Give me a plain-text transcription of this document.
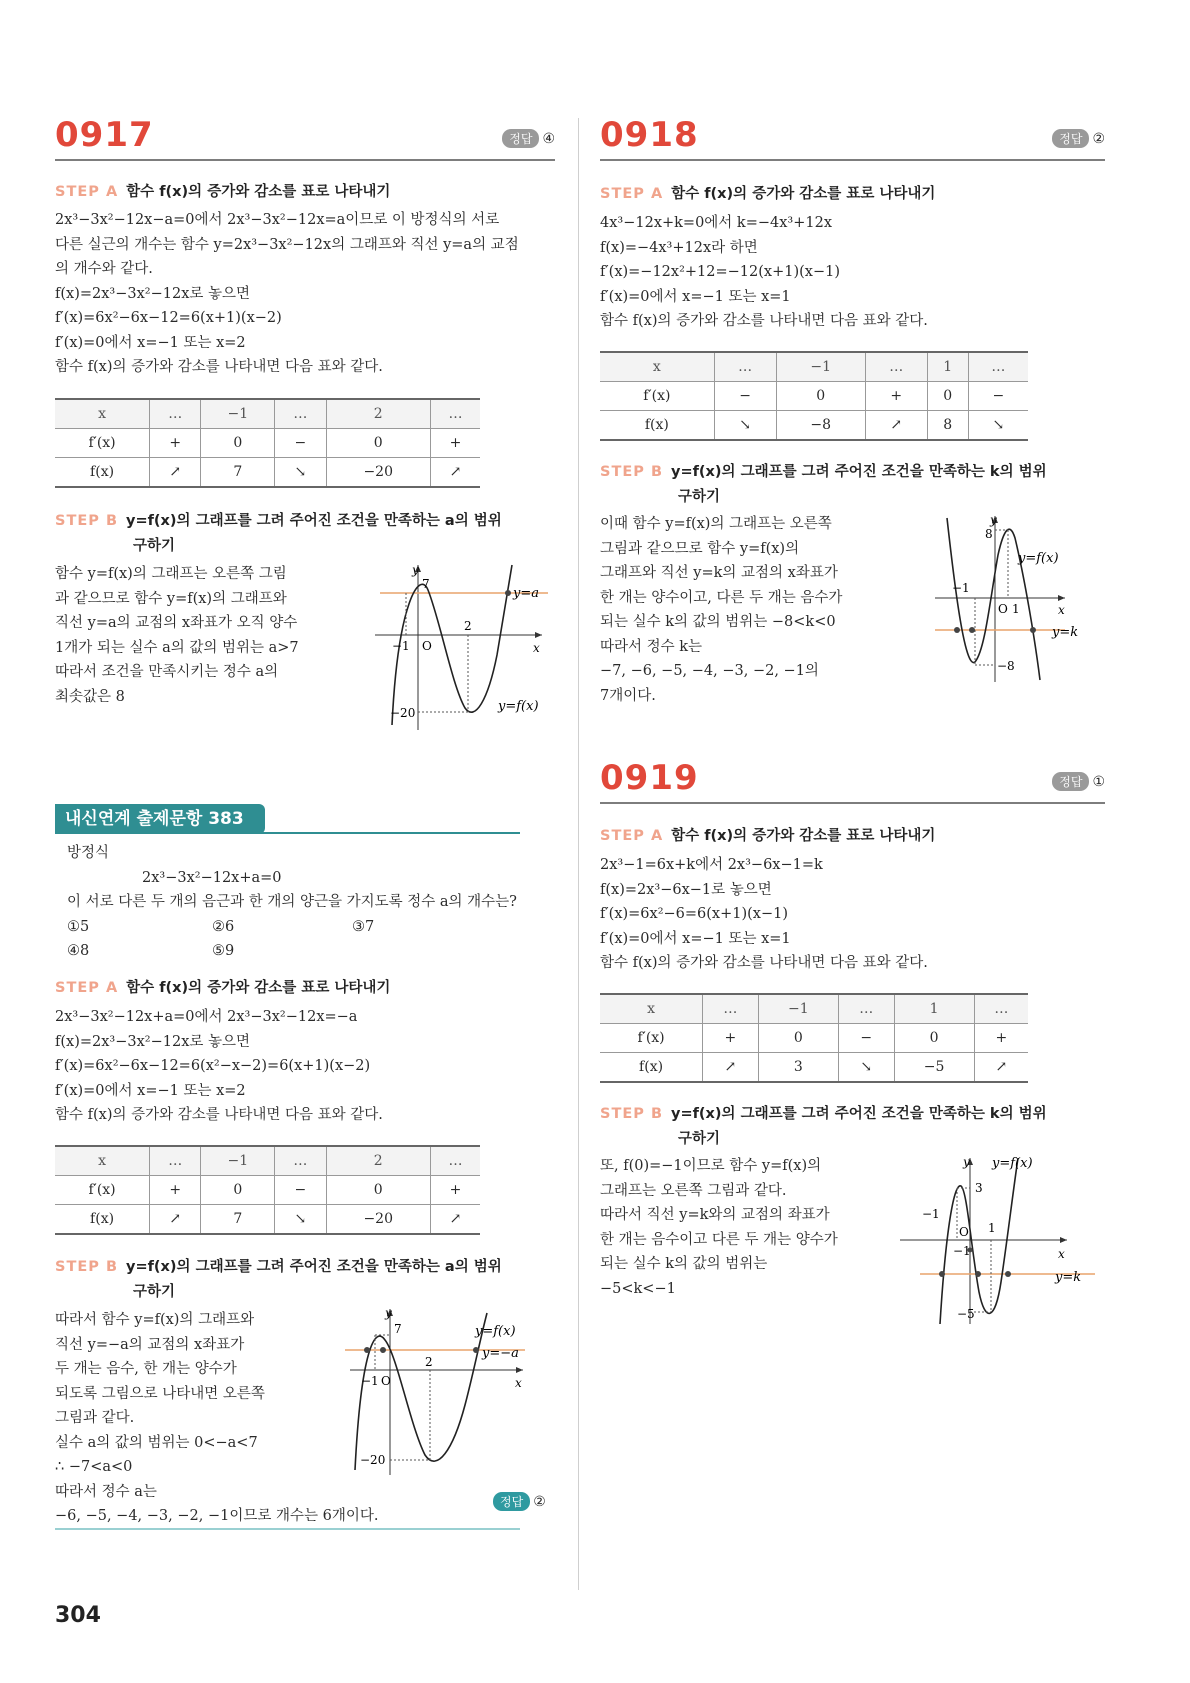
0917	정답 ④
STEP A 함수 f(x)의 증가와 감소를 표로 나타내기
2x³−3x²−12x−a=0에서 2x³−3x²−12x=a이므로 이 방정식의 서로
다른 실근의 개수는 함수 y=2x³−3x²−12x의 그래프와 직선 y=a의 교점
의 개수와 같다.
f(x)=2x³−3x²−12x로 놓으면
f′(x)=6x²−6x−12=6(x+1)(x−2)
f′(x)=0에서 x=−1 또는 x=2
함수 f(x)의 증가와 감소를 나타내면 다음 표와 같다.
x	…	−1	…	2	…
f′(x)	+	0	−	0	+
f(x)	↗	7	↘	−20	↗
STEP B y=f(x)의 그래프를 그려 주어진 조건을 만족하는 a의 범위
구하기
함수 y=f(x)의 그래프는 오른쪽 그림
과 같으므로 함수 y=f(x)의 그래프와
직선 y=a의 교점의 x좌표가 오직 양수
1개가 되는 실수 a의 값의 범위는 a>7
따라서 조건을 만족시키는 정수 a의
최솟값은 8
y
x
y=a
y=f(x)
7
−1 O
2
−20
내신연계 출제문항 383
방정식
2x³−3x²−12x+a=0
이 서로 다른 두 개의 음근과 한 개의 양근을 가지도록 정수 a의 개수는?
①5	②6	③7
④8	⑤9
STEP A 함수 f(x)의 증가와 감소를 표로 나타내기
2x³−3x²−12x+a=0에서 2x³−3x²−12x=−a
f(x)=2x³−3x²−12x로 놓으면
f′(x)=6x²−6x−12=6(x²−x−2)=6(x+1)(x−2)
f′(x)=0에서 x=−1 또는 x=2
함수 f(x)의 증가와 감소를 나타내면 다음 표와 같다.
x	…	−1	…	2	…
f′(x)	+	0	−	0	+
f(x)	↗	7	↘	−20	↗
STEP B y=f(x)의 그래프를 그려 주어진 조건을 만족하는 a의 범위
구하기
따라서 함수 y=f(x)의 그래프와
직선 y=−a의 교점의 x좌표가
두 개는 음수, 한 개는 양수가
되도록 그림으로 나타내면 오른쪽
그림과 같다.
실수 a의 값의 범위는 0<−a<7
∴ −7<a<0
따라서 정수 a는
−6, −5, −4, −3, −2, −1이므로 개수는 6개이다.
정답 ②
y
x
y=−a
y=f(x)
7
−1 O
2
−20
0918	정답 ②
STEP A 함수 f(x)의 증가와 감소를 표로 나타내기
4x³−12x+k=0에서 k=−4x³+12x
f(x)=−4x³+12x라 하면
f′(x)=−12x²+12=−12(x+1)(x−1)
f′(x)=0에서 x=−1 또는 x=1
함수 f(x)의 증가와 감소를 나타내면 다음 표와 같다.
x	…	−1	…	1	…
f′(x)	−	0	+	0	−
f(x)	↘	−8	↗	8	↘
STEP B y=f(x)의 그래프를 그려 주어진 조건을 만족하는 k의 범위
구하기
이때 함수 y=f(x)의 그래프는 오른쪽
그림과 같으므로 함수 y=f(x)의
그래프와 직선 y=k의 교점의 x좌표가
한 개는 양수이고, 다른 두 개는 음수가
되는 실수 k의 값의 범위는 −8<k<0
따라서 정수 k는
−7, −6, −5, −4, −3, −2, −1의
7개이다.
y
x
y=k
y=f(x)
8
−1
O 1
−8
0919	정답 ①
STEP A 함수 f(x)의 증가와 감소를 표로 나타내기
2x³−1=6x+k에서 2x³−6x−1=k
f(x)=2x³−6x−1로 놓으면
f′(x)=6x²−6=6(x+1)(x−1)
f′(x)=0에서 x=−1 또는 x=1
함수 f(x)의 증가와 감소를 나타내면 다음 표와 같다.
x	…	−1	…	1	…
f′(x)	+	0	−	0	+
f(x)	↗	3	↘	−5	↗
STEP B y=f(x)의 그래프를 그려 주어진 조건을 만족하는 k의 범위
구하기
또, f(0)=−1이므로 함수 y=f(x)의
그래프는 오른쪽 그림과 같다.
따라서 직선 y=k와의 교점의 좌표가
한 개는 음수이고 다른 두 개는 양수가
되는 실수 k의 값의 범위는
−5<k<−1
y
x
y=k
y=f(x)
3
−1
O 1
−1
−5
304
